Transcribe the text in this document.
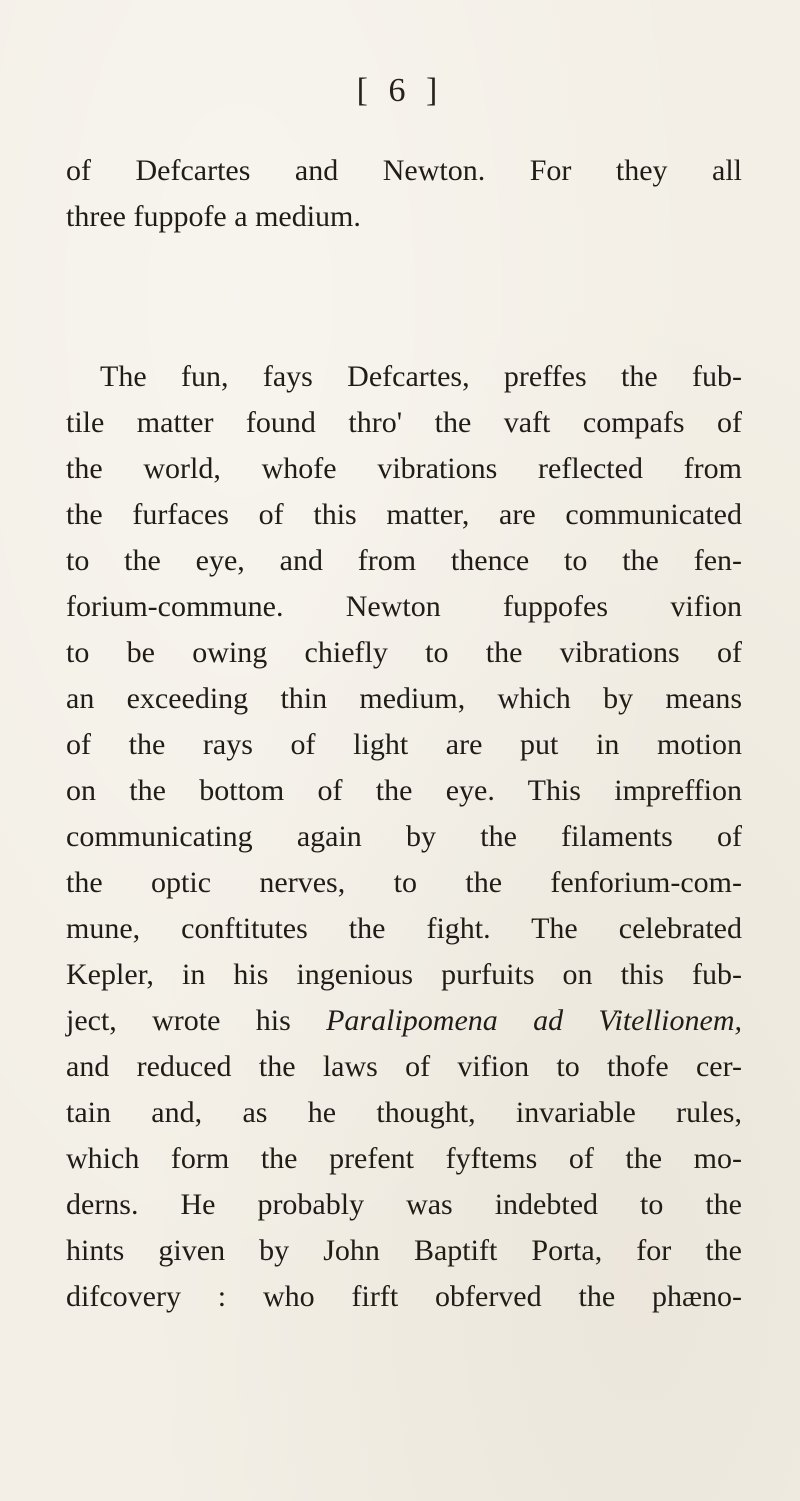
[ 6 ]
of Defcartes and Newton. For they all
three fuppofe a medium.
The fun, fays Defcartes, preffes the fub-
tile matter found thro' the vaft compafs of
the world, whofe vibrations reflected from
the furfaces of this matter, are communicated
to the eye, and from thence to the fen-
forium-commune. Newton fuppofes vifion
to be owing chiefly to the vibrations of
an exceeding thin medium, which by means
of the rays of light are put in motion
on the bottom of the eye. This impreffion
communicating again by the filaments of
the optic nerves, to the fenforium-com-
mune, conftitutes the fight. The celebrated
Kepler, in his ingenious purfuits on this fub-
ject, wrote his Paralipomena ad Vitellionem,
and reduced the laws of vifion to thofe cer-
tain and, as he thought, invariable rules,
which form the prefent fyftems of the mo-
derns. He probably was indebted to the
hints given by John Baptift Porta, for the
difcovery : who firft obferved the phæno-
